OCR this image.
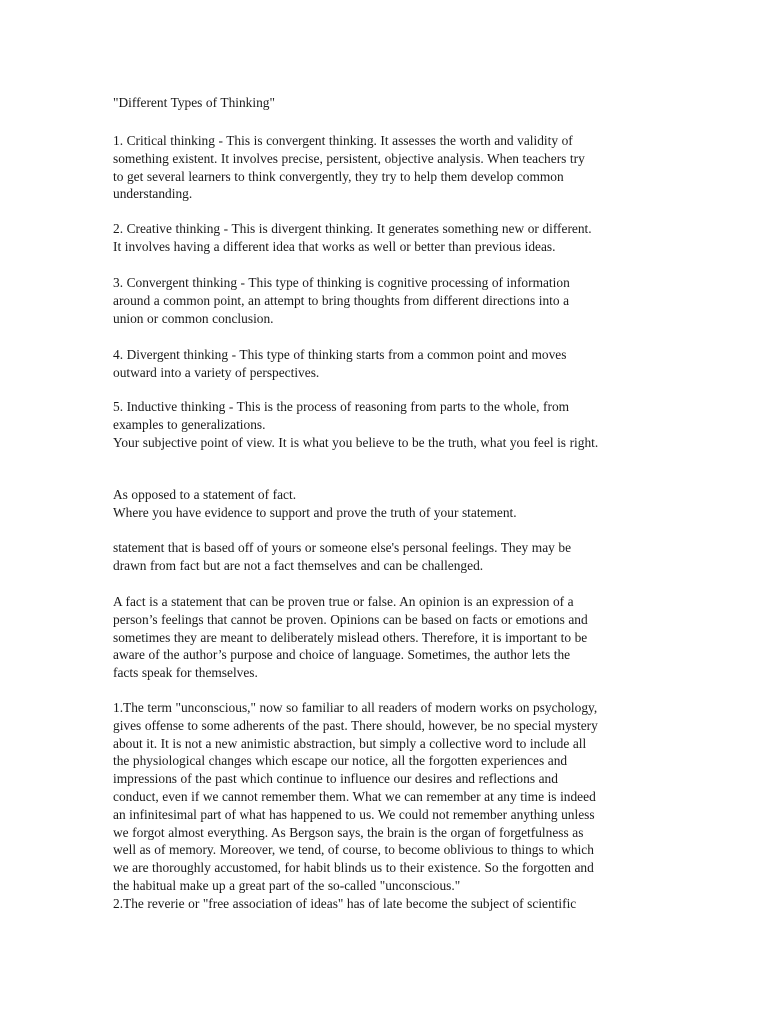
"Different Types of Thinking"

1. Critical thinking - This is convergent thinking. It assesses the worth and validity of
something existent. It involves precise, persistent, objective analysis. When teachers try
to get several learners to think convergently, they try to help them develop common
understanding.

2. Creative thinking - This is divergent thinking. It generates something new or different.
It involves having a different idea that works as well or better than previous ideas.

3. Convergent thinking - This type of thinking is cognitive processing of information
around a common point, an attempt to bring thoughts from different directions into a
union or common conclusion.

4. Divergent thinking - This type of thinking starts from a common point and moves
outward into a variety of perspectives.

5. Inductive thinking - This is the process of reasoning from parts to the whole, from
examples to generalizations.
Your subjective point of view. It is what you believe to be the truth, what you feel is right.

As opposed to a statement of fact.
Where you have evidence to support and prove the truth of your statement.

statement that is based off of yours or someone else's personal feelings. They may be
drawn from fact but are not a fact themselves and can be challenged.

A fact is a statement that can be proven true or false. An opinion is an expression of a
person’s feelings that cannot be proven. Opinions can be based on facts or emotions and
sometimes they are meant to deliberately mislead others. Therefore, it is important to be
aware of the author’s purpose and choice of language. Sometimes, the author lets the
facts speak for themselves.

1.The term "unconscious," now so familiar to all readers of modern works on psychology,
gives offense to some adherents of the past. There should, however, be no special mystery
about it. It is not a new animistic abstraction, but simply a collective word to include all
the physiological changes which escape our notice, all the forgotten experiences and
impressions of the past which continue to influence our desires and reflections and
conduct, even if we cannot remember them. What we can remember at any time is indeed
an infinitesimal part of what has happened to us. We could not remember anything unless
we forgot almost everything. As Bergson says, the brain is the organ of forgetfulness as
well as of memory. Moreover, we tend, of course, to become oblivious to things to which
we are thoroughly accustomed, for habit blinds us to their existence. So the forgotten and
the habitual make up a great part of the so-called "unconscious."
2.The reverie or "free association of ideas" has of late become the subject of scientific
